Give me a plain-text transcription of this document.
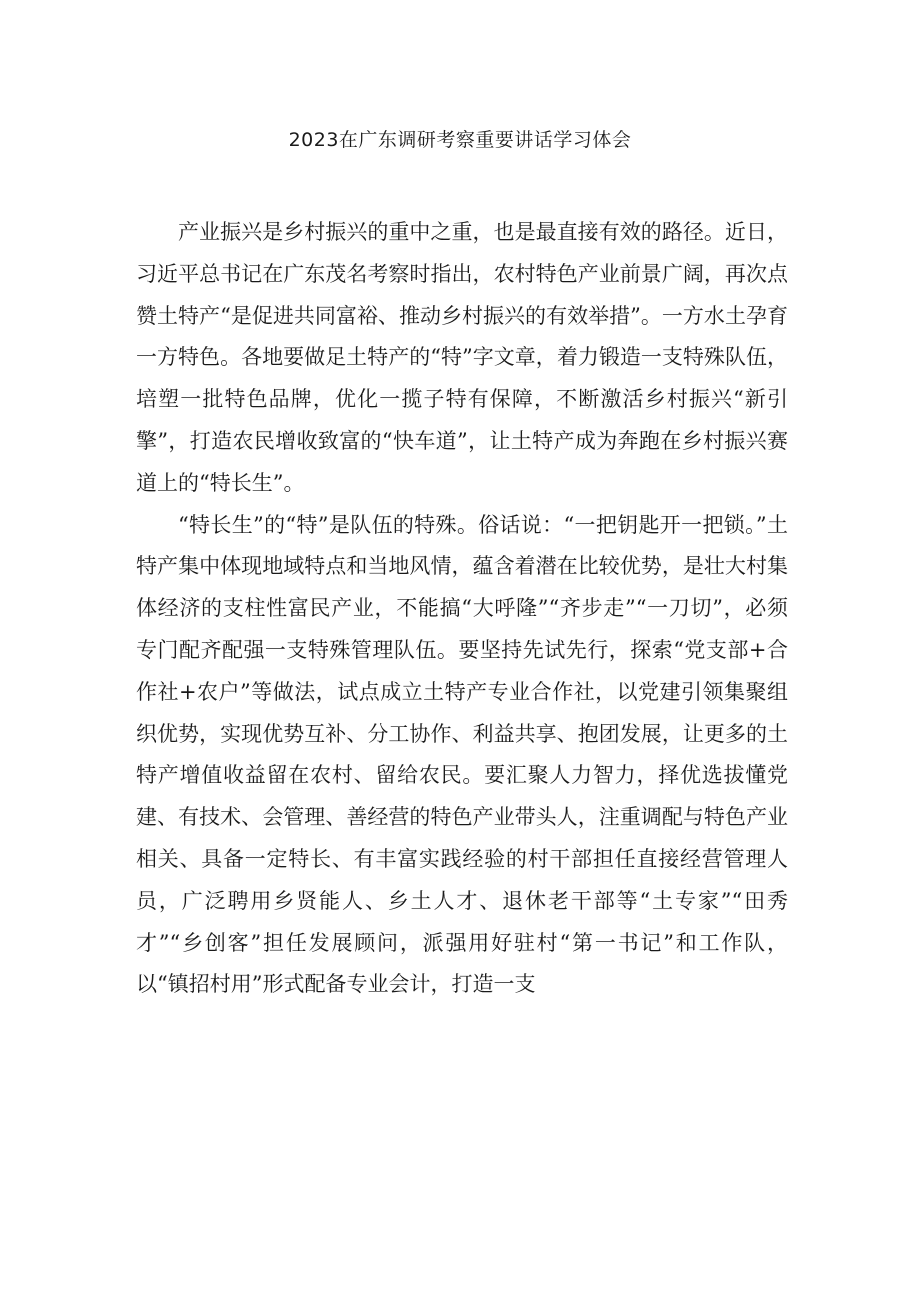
2023在广东调研考察重要讲话学习体会

产业振兴是乡村振兴的重中之重，也是最直接有效的路径。近日，习近平总书记在广东茂名考察时指出，农村特色产业前景广阔，再次点赞土特产“是促进共同富裕、推动乡村振兴的有效举措”。一方水土孕育一方特色。各地要做足土特产的“特”字文章，着力锻造一支特殊队伍，培塑一批特色品牌，优化一揽子特有保障，不断激活乡村振兴“新引擎”，打造农民增收致富的“快车道”，让土特产成为奔跑在乡村振兴赛道上的“特长生”。

“特长生”的“特”是队伍的特殊。俗话说：“一把钥匙开一把锁。”土特产集中体现地域特点和当地风情，蕴含着潜在比较优势，是壮大村集体经济的支柱性富民产业，不能搞“大呼隆”“齐步走”“一刀切”，必须专门配齐配强一支特殊管理队伍。要坚持先试先行，探索“党支部+合作社+农户”等做法，试点成立土特产专业合作社，以党建引领集聚组织优势，实现优势互补、分工协作、利益共享、抱团发展，让更多的土特产增值收益留在农村、留给农民。要汇聚人力智力，择优选拔懂党建、有技术、会管理、善经营的特色产业带头人，注重调配与特色产业相关、具备一定特长、有丰富实践经验的村干部担任直接经营管理人员，广泛聘用乡贤能人、乡土人才、退休老干部等“土专家”“田秀才”“乡创客”担任发展顾问，派强用好驻村“第一书记”和工作队，以“镇招村用”形式配备专业会计，打造一支
